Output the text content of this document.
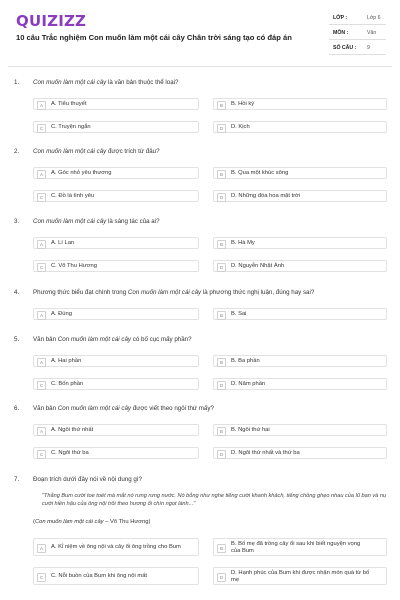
QUIZIZZ
10 câu Trắc nghiệm Con muốn làm một cái cây Chân trời sáng tạo có đáp án
LỚP :	Lớp 6
MÔN :	Văn
SỐ CÂU : 9
1. Con muốn làm một cái cây là văn bản thuộc thể loại?
A	A. Tiểu thuyết	B	B. Hồi ký
C	C. Truyện ngắn	D	D. Kịch
2. Con muốn làm một cái cây được trích từ đâu?
A	A. Góc nhỏ yêu thương	B	B. Qua một khúc sông
C	C. Đồ lá tình yêu	D	D. Những đóa hoa mặt trời
3. Con muốn làm một cái cây là sáng tác của ai?
A	A. Lí Lan	B	B. Hà My
C	C. Võ Thu Hương	D	D. Nguyễn Nhật Ánh
4. Phương thức biểu đạt chính trong Con muốn làm một cái cây là phương thức nghị luận, đúng hay sai?
A	A. Đúng	B	B. Sai
5. Văn bản Con muốn làm một cái cây có bố cục mấy phần?
A	A. Hai phần	B	B. Ba phần
C	C. Bốn phần	D	D. Năm phần
6. Văn bản Con muốn làm một cái cây được viết theo ngôi thứ mấy?
A	A. Ngôi thứ nhất	B	B. Ngôi thứ hai
C	C. Ngôi thứ ba	D	D. Ngôi thứ nhất và thứ ba
7. Đoạn trích dưới đây nói về nội dung gì?
"Thằng Bum cười toe toét mà mắt nó rưng rưng nước. Nó bỗng như nghe tiếng cười khanh khách, tiếng chồng ghẹo nhau của lũ bạn và nụ cười hiền hậu của ông nội trôi theo hương ổi chín ngọt lành..."
(Con muốn làm một cái cây – Võ Thu Hương)
A	A. Kỉ niệm về ông nội và cây ổi ông trồng cho Bum	B
B. Bố mẹ đã trồng cây ổi sau khi biết nguyện vọng của Bum
C	C. Nỗi buồn của Bum khi ông nội mất	D
D. Hạnh phúc của Bum khi được nhận món quà từ bố mẹ
